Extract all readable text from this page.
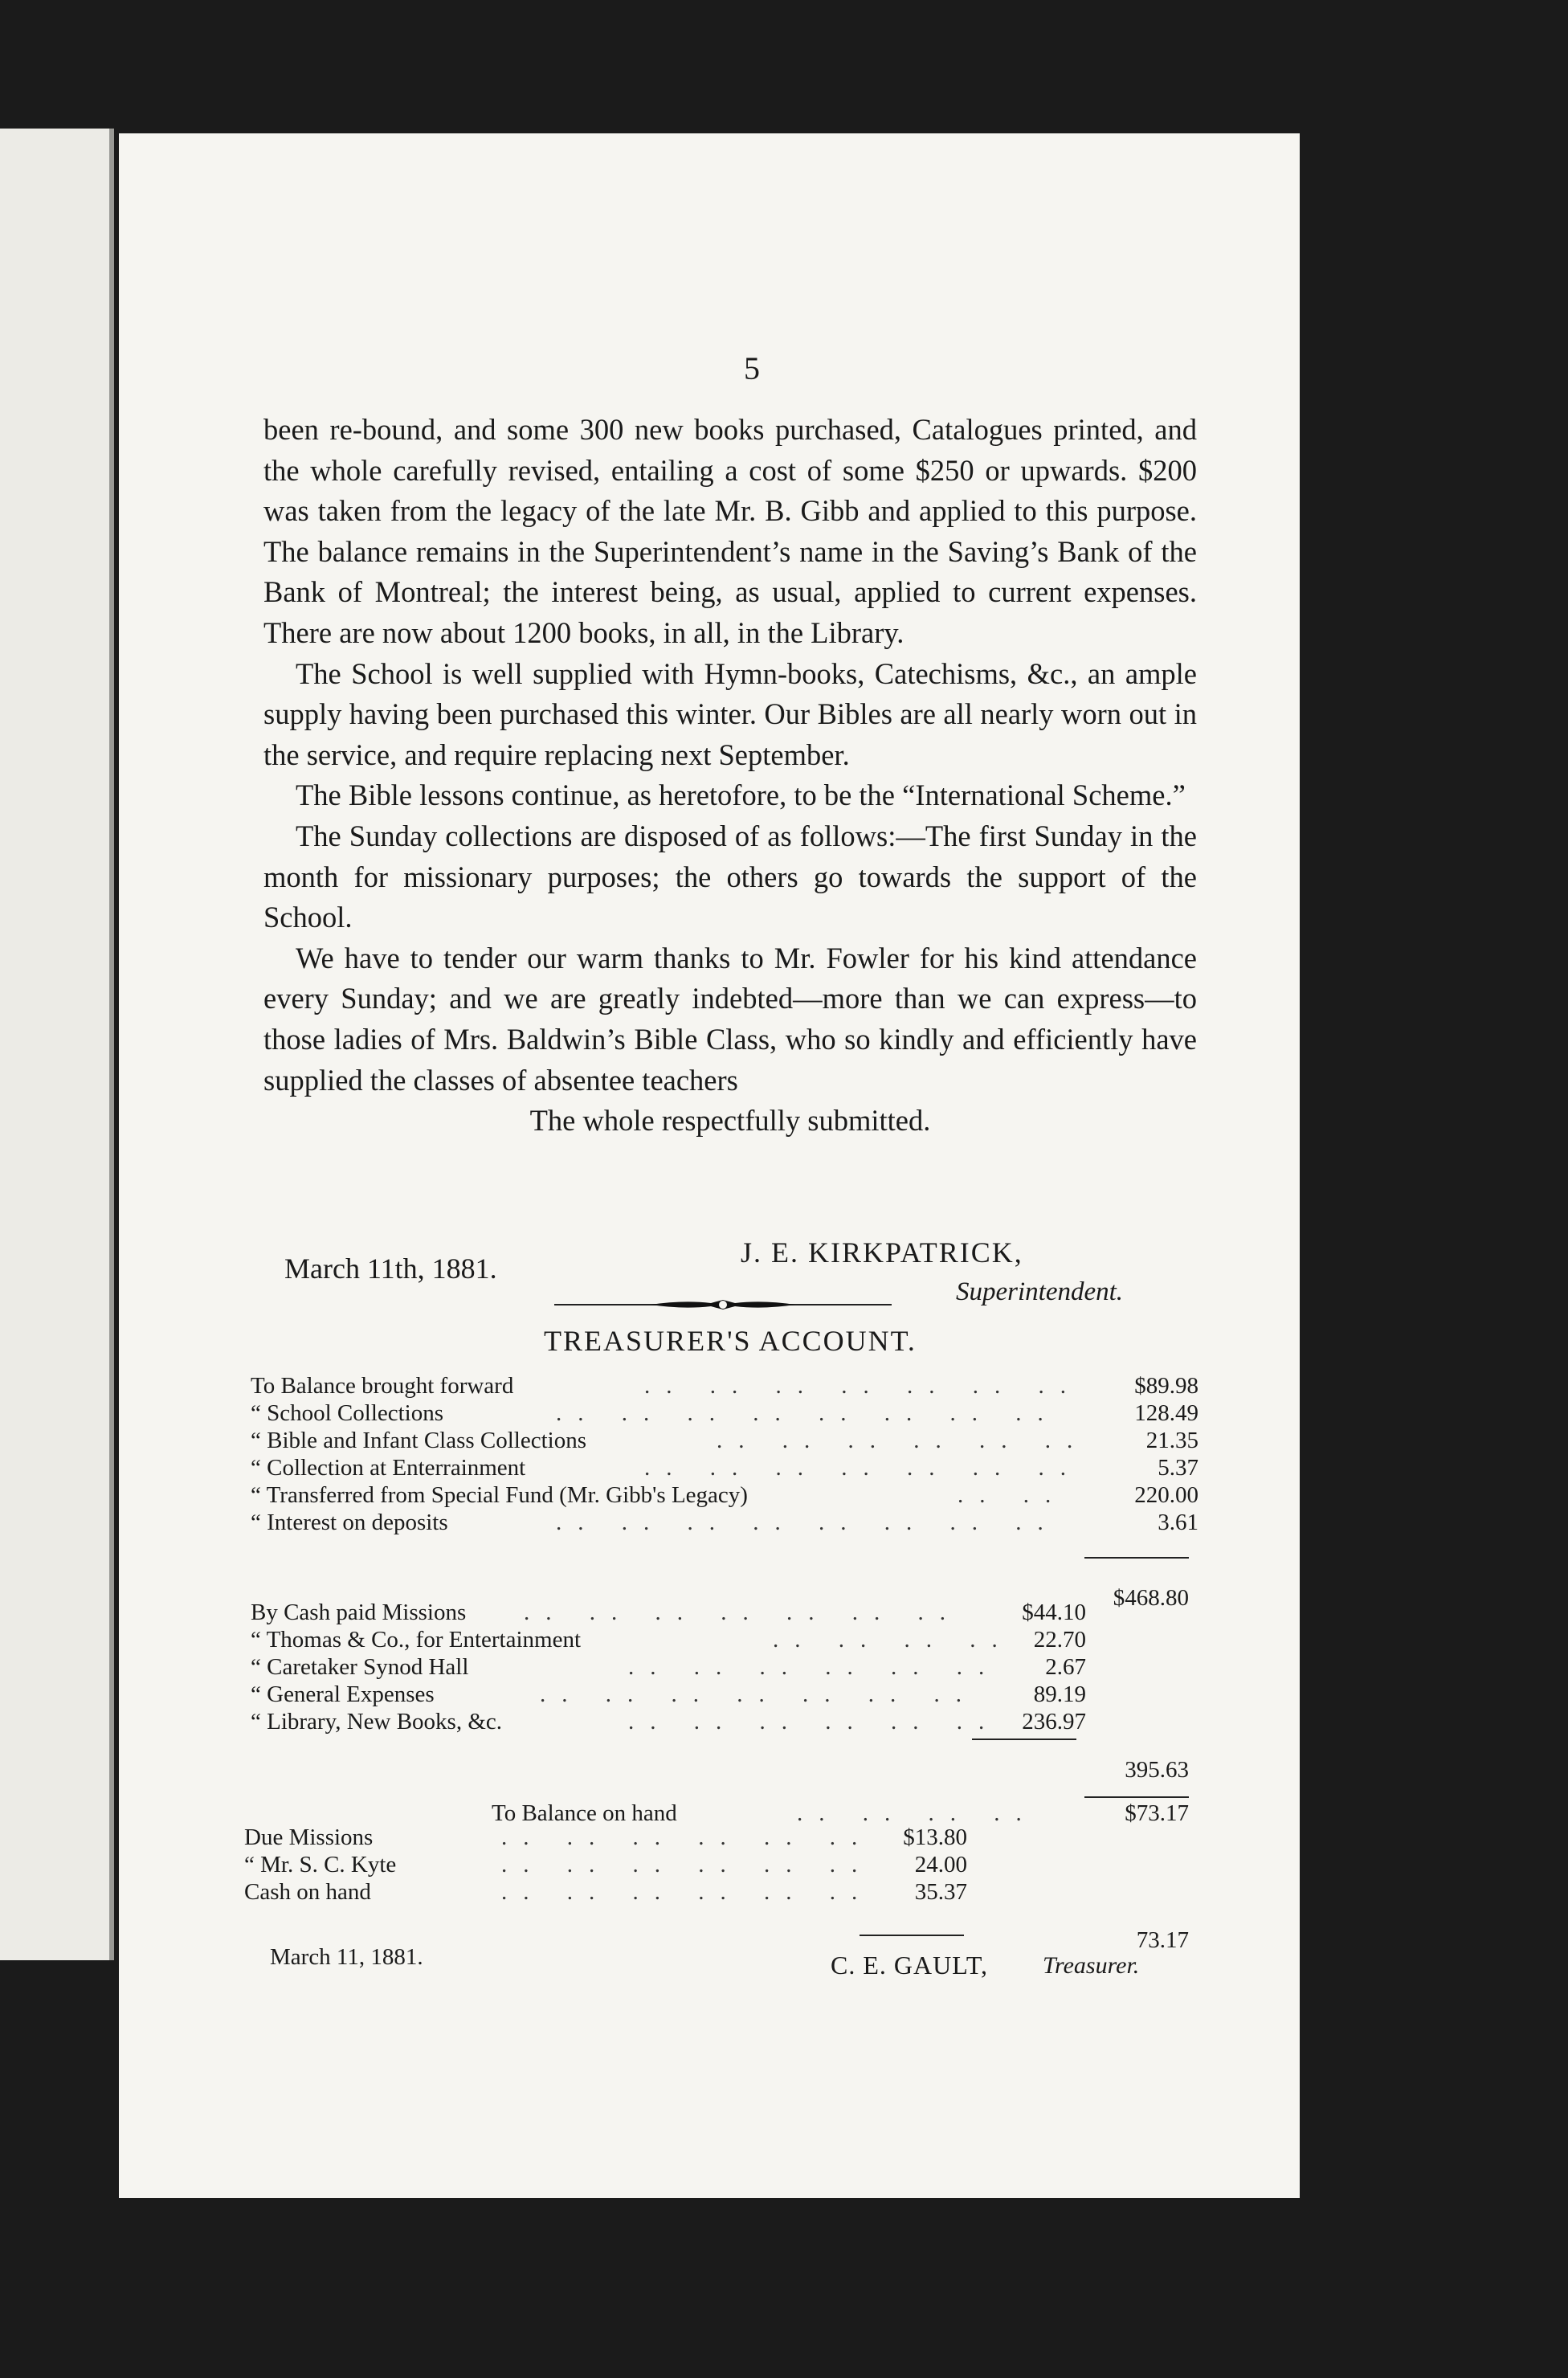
5

been re-bound, and some 300 new books purchased, Catalogues printed, and the whole carefully revised, entailing a cost of some $250 or upwards. $200 was taken from the legacy of the late Mr. B. Gibb and applied to this purpose. The balance remains in the Superintendent’s name in the Saving’s Bank of the Bank of Montreal; the interest being, as usual, applied to current expenses. There are now about 1200 books, in all, in the Library.

The School is well supplied with Hymn-books, Catechisms, &c., an ample supply having been purchased this winter. Our Bibles are all nearly worn out in the service, and require replacing next September.

The Bible lessons continue, as heretofore, to be the “International Scheme.”

The Sunday collections are disposed of as follows:—The first Sunday in the month for missionary purposes; the others go towards the support of the School.

We have to tender our warm thanks to Mr. Fowler for his kind attendance every Sunday; and we are greatly indebted—more than we can express—to those ladies of Mrs. Baldwin’s Bible Class, who so kindly and efficiently have supplied the classes of absentee teachers

The whole respectfully submitted.

March 11th, 1881.	J. E. KIRKPATRICK,
Superintendent.
TREASURER'S ACCOUNT.
To Balance brought forward	.. .. .. .. .. .. ..	$89.98
“ School Collections	.. .. .. .. .. .. .. ..	128.49
“ Bible and Infant Class Collections	.. .. .. .. .. ..	21.35
“ Collection at Enterrainment	.. .. .. .. .. .. ..	5.37
“ Transferred from Special Fund (Mr. Gibb's Legacy)	.. ..	220.00
“ Interest on deposits	.. .. .. .. .. .. .. ..	3.61
$468.80
By Cash paid Missions .. .. .. .. .. .. ..	$44.10
“ Thomas & Co., for Entertainment	.. .. .. .. 22.70
“ Caretaker Synod Hall	.. .. .. .. .. ..	2.67
“ General Expenses	.. .. .. .. .. .. ..	89.19
“ Library, New Books, &c.	.. .. .. .. .. .. 236.97
395.63
To Balance on hand	.. .. .. ..	$73.17
Due Missions	.. .. .. .. .. ..	$13.80
“ Mr. S. C. Kyte	.. .. .. .. .. ..	24.00
Cash on hand	.. .. .. .. .. ..	35.37
73.17
March 11, 1881.	C. E. GAULT, Treasurer.
